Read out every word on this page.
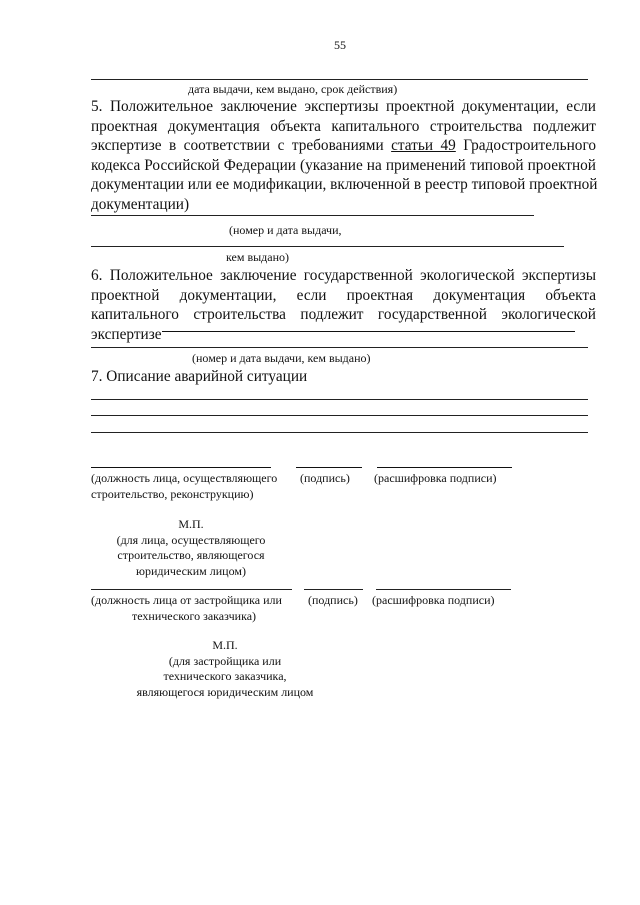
55
дата выдачи, кем выдано, срок действия)
5. Положительное заключение экспертизы проектной документации, если
проектная документация объекта капитального строительства подлежит
экспертизе в соответствии с требованиями статьи 49 Градостроительного
кодекса Российской Федерации (указание на применений типовой проектной
документации или ее модификации, включенной в реестр типовой проектной
документации)
(номер и дата выдачи,
кем выдано)
6. Положительное заключение государственной экологической экспертизы
проектной документации, если проектная документация объекта
капитального строительства подлежит государственной экологической
экспертизе
(номер и дата выдачи, кем выдано)
7. Описание аварийной ситуации
(должность лица, осуществляющего
строительство, реконструкцию)
(подпись) (расшифровка подписи)
М.П.
(для лица, осуществляющего
строительство, являющегося
юридическим лицом)
(должность лица от застройщика или
технического заказчика)
(подпись) (расшифровка подписи)
М.П.
(для застройщика или
технического заказчика,
являющегося юридическим лицом
